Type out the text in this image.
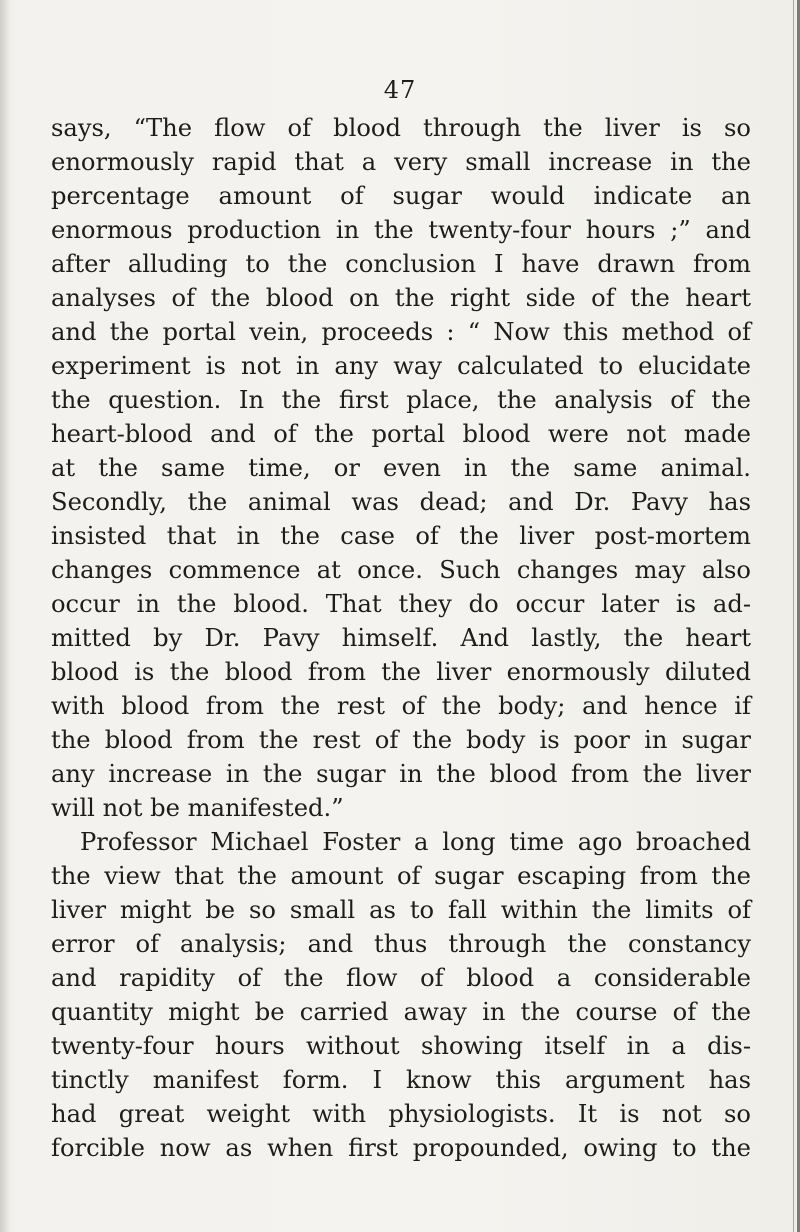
47
says, “The flow of blood through the liver is so
enormously rapid that a very small increase in the
percentage amount of sugar would indicate an
enormous production in the twenty-four hours ;” and
after alluding to the conclusion I have drawn from
analyses of the blood on the right side of the heart
and the portal vein, proceeds : “ Now this method of
experiment is not in any way calculated to elucidate
the question. In the first place, the analysis of the
heart-blood and of the portal blood were not made
at the same time, or even in the same animal.
Secondly, the animal was dead; and Dr. Pavy has
insisted that in the case of the liver post-mortem
changes commence at once. Such changes may also
occur in the blood. That they do occur later is ad-
mitted by Dr. Pavy himself. And lastly, the heart
blood is the blood from the liver enormously diluted
with blood from the rest of the body; and hence if
the blood from the rest of the body is poor in sugar
any increase in the sugar in the blood from the liver
will not be manifested.”
Professor Michael Foster a long time ago broached
the view that the amount of sugar escaping from the
liver might be so small as to fall within the limits of
error of analysis; and thus through the constancy
and rapidity of the flow of blood a considerable
quantity might be carried away in the course of the
twenty-four hours without showing itself in a dis-
tinctly manifest form. I know this argument has
had great weight with physiologists. It is not so
forcible now as when first propounded, owing to the
